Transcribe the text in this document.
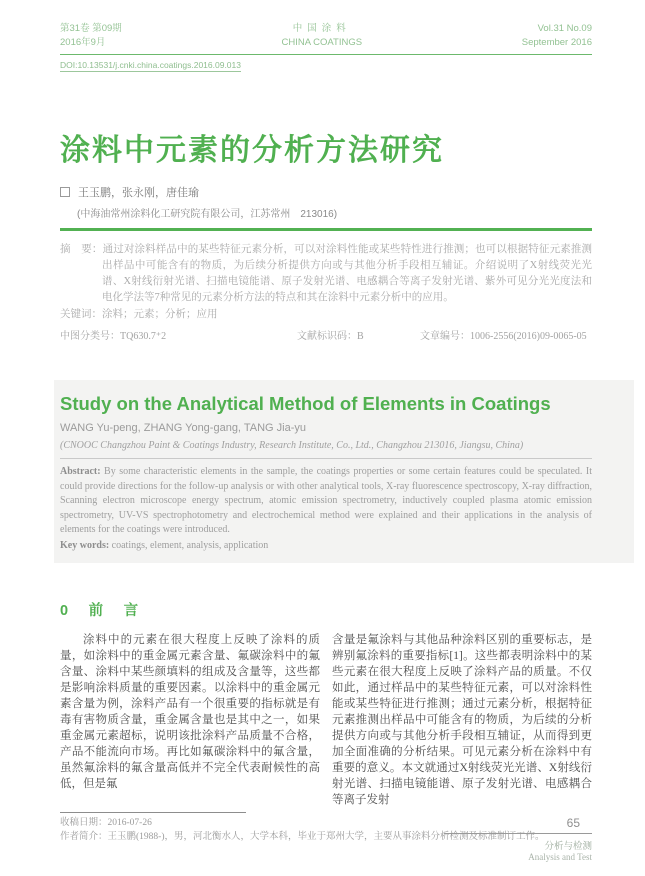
第31卷 第09期
2016年9月
中国涂料
CHINA COATINGS
Vol.31 No.09
September 2016
DOI:10.13531/j.cnki.china.coatings.2016.09.013
涂料中元素的分析方法研究
王玉鹏，张永刚，唐佳瑜
(中海油常州涂料化工研究院有限公司，江苏常州　213016)
摘　要：通过对涂料样品中的某些特征元素分析，可以对涂料性能或某些特性进行推测；也可以根据特征元素推测出样品中可能含有的物质，为后续分析提供方向或与其他分析手段相互辅证。介绍说明了X射线荧光光谱、X射线衍射光谱、扫描电镜能谱、原子发射光谱、电感耦合等离子发射光谱、紫外可见分光光度法和电化学法等7种常见的元素分析方法的特点和其在涂料中元素分析中的应用。
关键词：涂料；元素；分析；应用
中图分类号：TQ630.7⁺2	文献标识码：B	文章编号：1006-2556(2016)09-0065-05
Study on the Analytical Method of Elements in Coatings
WANG Yu-peng, ZHANG Yong-gang, TANG Jia-yu
(CNOOC Changzhou Paint & Coatings Industry, Research Institute, Co., Ltd., Changzhou 213016, Jiangsu, China)
Abstract: By some characteristic elements in the sample, the coatings properties or some certain features could be speculated. It could provide directions for the follow-up analysis or with other analytical tools, X-ray fluorescence spectroscopy, X-ray diffraction, Scanning electron microscope energy spectrum, atomic emission spectrometry, inductively coupled plasma atomic emission spectrometry, UV-VS spectrophotometry and electrochemical method were explained and their applications in the analysis of elements for the coatings were introduced.
Key words: coatings, element, analysis, application
0　前　言

涂料中的元素在很大程度上反映了涂料的质量，如涂料中的重金属元素含量、氟碳涂料中的氟含量、涂料中某些颜填料的组成及含量等，这些都是影响涂料质量的重要因素。以涂料中的重金属元素含量为例，涂料产品有一个很重要的指标就是有毒有害物质含量，重金属含量也是其中之一，如果重金属元素超标，说明该批涂料产品质量不合格，产品不能流向市场。再比如氟碳涂料中的氟含量，虽然氟涂料的氟含量高低并不完全代表耐候性的高低，但是氟

含量是氟涂料与其他品种涂料区别的重要标志，是辨别氟涂料的重要指标[1]。这些都表明涂料中的某些元素在很大程度上反映了涂料产品的质量。不仅如此，通过样品中的某些特征元素，可以对涂料性能或某些特征进行推测；通过元素分析，根据特征元素推测出样品中可能含有的物质，为后续的分析提供方向或与其他分析手段相互辅证，从而得到更加全面准确的分析结果。可见元素分析在涂料中有重要的意义。本文就通过X射线荧光光谱、X射线衍射光谱、扫描电镜能谱、原子发射光谱、电感耦合等离子发射

收稿日期：2016-07-26
作者简介：王玉鹏(1988-)，男，河北衡水人，大学本科，毕业于郑州大学，主要从事涂料分析检测及标准制订工作。
65
分析与检测
Analysis and Test
